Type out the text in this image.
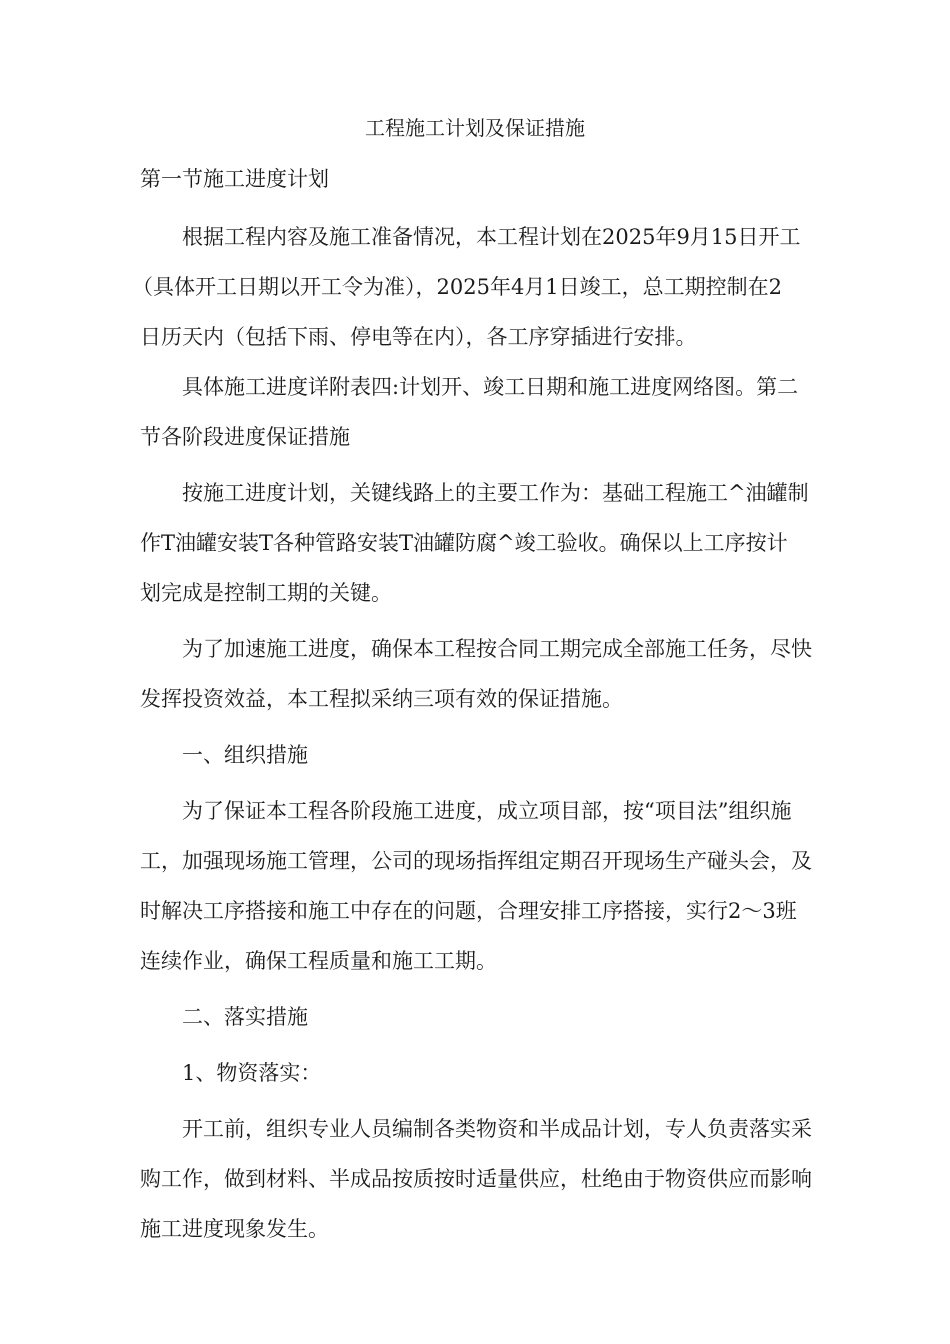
工程施工计划及保证措施
第一节施工进度计划
根据工程内容及施工准备情况，本工程计划在2025年9月15日开工
（具体开工日期以开工令为准），2025年4月1日竣工，总工期控制在2
日历天内（包括下雨、停电等在内），各工序穿插进行安排。
具体施工进度详附表四:计划开、竣工日期和施工进度网络图。第二
节各阶段进度保证措施
按施工进度计划，关键线路上的主要工作为：基础工程施工^油罐制
作T油罐安装T各种管路安装T油罐防腐^竣工验收。确保以上工序按计
划完成是控制工期的关键。
为了加速施工进度，确保本工程按合同工期完成全部施工任务，尽快
发挥投资效益，本工程拟采纳三项有效的保证措施。
一、组织措施
为了保证本工程各阶段施工进度，成立项目部，按“项目法”组织施
工，加强现场施工管理，公司的现场指挥组定期召开现场生产碰头会，及
时解决工序搭接和施工中存在的问题，合理安排工序搭接，实行2〜3班
连续作业，确保工程质量和施工工期。
二、落实措施
1、物资落实：
开工前，组织专业人员编制各类物资和半成品计划，专人负责落实采
购工作，做到材料、半成品按质按时适量供应，杜绝由于物资供应而影响
施工进度现象发生。
